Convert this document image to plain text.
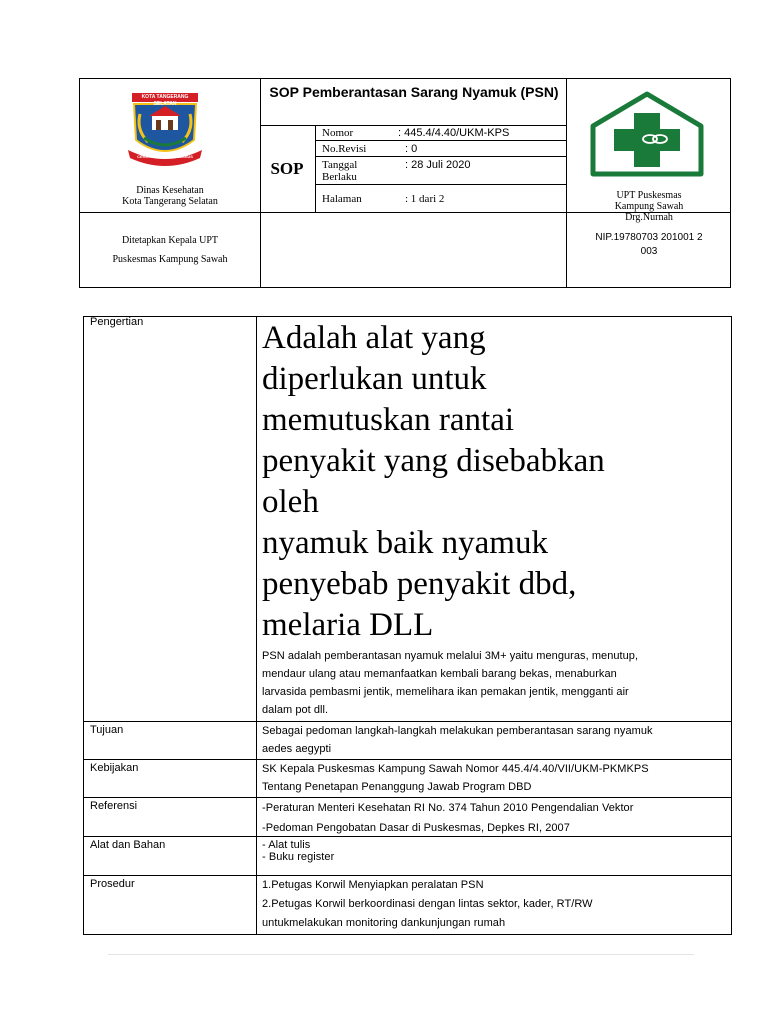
KOTA TANGERANG SELATAN
CERDAS MODERN RELIGIUS
Dinas Kesehatan
Kota Tangerang Selatan
SOP Pemberantasan Sarang Nyamuk (PSN)
SOP
Nomor	: 445.4/4.40/UKM-KPS
No.Revisi	: 0
Tanggal Berlaku
: 28 Juli 2020
Halaman	: 1 dari 2	UPT Puskesmas
Kampung Sawah
Drg.Nurnah
NIP.19780703 201001 2
003
Ditetapkan Kepala UPT
Puskesmas Kampung Sawah
Pengertian	Adalah alat yang
diperlukan untuk
memutuskan rantai
penyakit yang disebabkan
oleh
nyamuk baik nyamuk
penyebab penyakit dbd,
melaria DLL
PSN adalah pemberantasan nyamuk melalui 3M+ yaitu menguras, menutup,
mendaur ulang atau memanfaatkan kembali barang bekas, menaburkan
larvasida pembasmi jentik, memelihara ikan pemakan jentik, mengganti air
dalam pot dll.
Tujuan	Sebagai pedoman langkah-langkah melakukan pemberantasan sarang nyamuk
aedes aegypti
Kebijakan	SK Kepala Puskesmas Kampung Sawah Nomor 445.4/4.40/VII/UKM-PKMKPS
Tentang Penetapan Penanggung Jawab Program DBD
Referensi	-Peraturan Menteri Kesehatan RI No. 374 Tahun 2010 Pengendalian Vektor
-Pedoman Pengobatan Dasar di Puskesmas, Depkes RI, 2007
Alat dan Bahan	- Alat tulis
- Buku register
Prosedur	1.Petugas Korwil Menyiapkan peralatan PSN
2.Petugas Korwil berkoordinasi dengan lintas sektor, kader, RT/RW
untukmelakukan monitoring dankunjungan rumah
